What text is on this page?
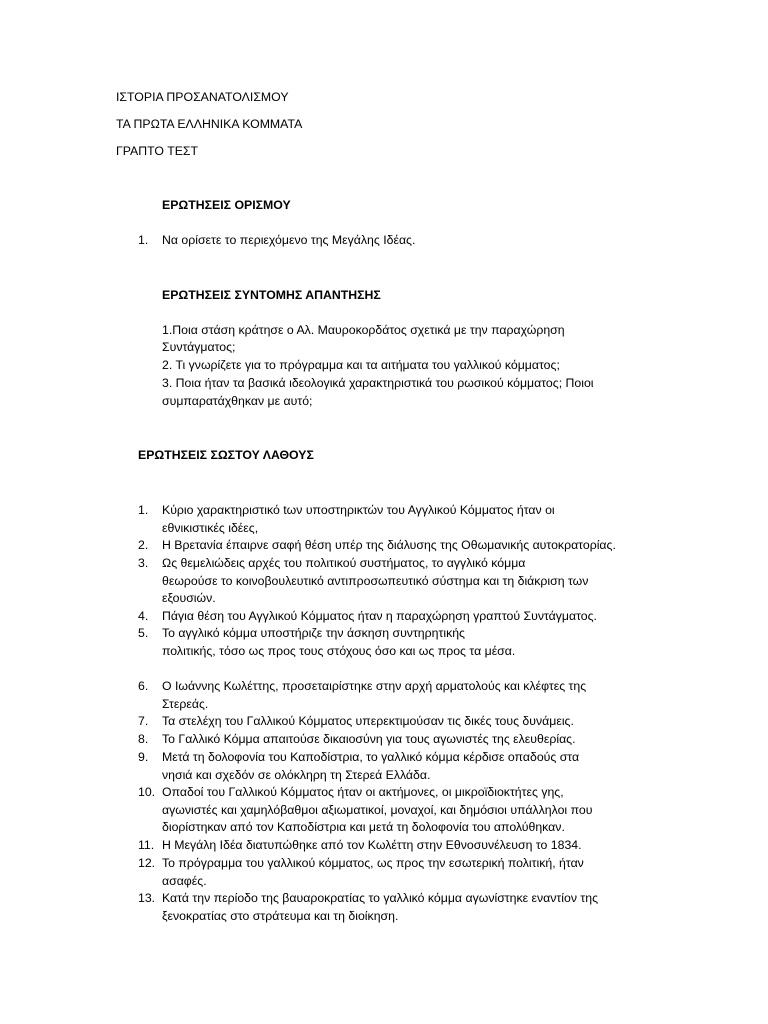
ΙΣΤΟΡΙΑ ΠΡΟΣΑΝΑΤΟΛΙΣΜΟΥ
ΤΑ ΠΡΩΤΑ ΕΛΛΗΝΙΚΑ ΚΟΜΜΑΤΑ
ΓΡΑΠΤΟ ΤΕΣΤ
ΕΡΩΤΗΣΕΙΣ ΟΡΙΣΜΟΥ
1.	Να ορίσετε το περιεχόμενο της Μεγάλης Ιδέας.
ΕΡΩΤΗΣΕΙΣ ΣΥΝΤΟΜΗΣ ΑΠΑΝΤΗΣΗΣ
1.Ποια στάση κράτησε ο Αλ. Μαυροκορδάτος σχετικά με την παραχώρηση
Συντάγματος;
2. Τι γνωρίζετε για το πρόγραμμα και τα αιτήματα του γαλλικού κόμματος;
3. Ποια ήταν τα βασικά ιδεολογικά χαρακτηριστικά του ρωσικού κόμματος; Ποιοι
συμπαρατάχθηκαν με αυτό;
ΕΡΩΤΗΣΕΙΣ ΣΩΣΤΟΥ ΛΑΘΟΥΣ
1.	Κύριο χαρακτηριστικό tων υποστηρικτών του Αγγλικού Κόμματος ήταν οι
εθνικιστικές ιδέες,
2.	Η Βρετανία έπαιρνε σαφή θέση υπέρ της διάλυσης της Οθωμανικής αυτοκρατορίας.
3.	Ως θεμελιώδεις αρχές του πολιτικού συστήματος, το αγγλικό κόμμα
θεωρούσε το κοινοβουλευτικό αντιπροσωπευτικό σύστημα και τη διάκριση των
εξουσιών.
4.	Πάγια θέση του Αγγλικού Κόμματος ήταν η παραχώρηση γραπτού Συντάγματος.
5.	Το αγγλικό κόμμα υποστήριζε την άσκηση συντηρητικής
πολιτικής, τόσο ως προς τους στόχους όσο και ως προς τα μέσα.
6.	Ο Ιωάννης Κωλέττης, προσεταιρίστηκε στην αρχή αρματολούς και κλέφτες της
Στερεάς.
7.	Τα στελέχη του Γαλλικού Κόμματος υπερεκτιμούσαν τις δικές τους δυνάμεις.
8.	Το Γαλλικό Κόμμα απαιτούσε δικαιοσύνη για τους αγωνιστές της ελευθερίας.
9.	Μετά τη δολοφονία του Καποδίστρια, το γαλλικό κόμμα κέρδισε οπαδούς στα
νησιά και σχεδόν σε ολόκληρη τη Στερεά Ελλάδα.
10. Οπαδοί του Γαλλικού Κόμματος ήταν οι ακτήμονες, οι μικροϊδιοκτήτες γης,
αγωνιστές και χαμηλόβαθμοι αξιωματικοί, μοναχοί, και δημόσιοι υπάλληλοι που
διορίστηκαν από τον Καποδίστρια και μετά τη δολοφονία του απολύθηκαν.
11. Η Μεγάλη Ιδέα διατυπώθηκε από τον Κωλέττη στην Εθνοσυνέλευση το 1834.
12. Το πρόγραμμα του γαλλικού κόμματος, ως προς την εσωτερική πολιτική, ήταν
ασαφές.
13. Κατά την περίοδο της βαυαροκρατίας το γαλλικό κόμμα αγωνίστηκε εναντίον της
ξενοκρατίας στο στράτευμα και τη διοίκηση.
